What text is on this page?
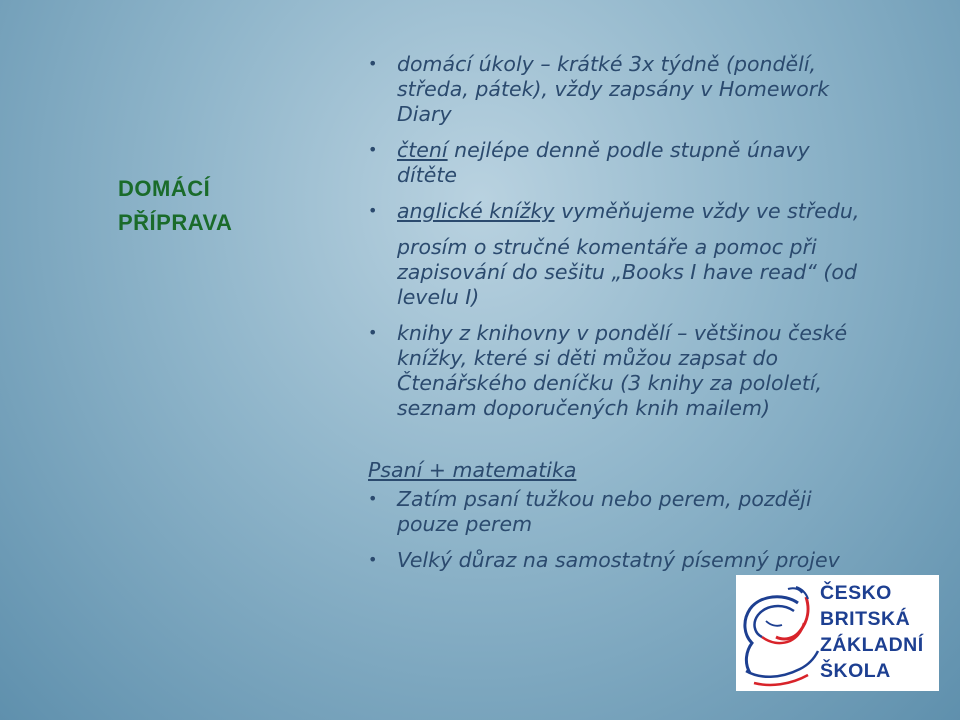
DOMÁCÍ
PŘÍPRAVA
• domácí úkoly – krátké 3x týdně (pondělí, středa, pátek), vždy zapsány v Homework Diary
• čtení nejlépe denně podle stupně únavy dítěte
• anglické knížky vyměňujeme vždy ve středu,

prosím o stručné komentáře a pomoc při zapisování do sešitu „Books I have read“ (od levelu I)

• knihy z knihovny v pondělí – většinou české knížky, které si děti můžou zapsat do Čtenářského deníčku (3 knihy za pololetí, seznam doporučených knih mailem)
Psaní + matematika
• Zatím psaní tužkou nebo perem, později pouze perem
• Velký důraz na samostatný písemný projev
ČESKO
BRITSKÁ
ZÁKLADNÍ
ŠKOLA
